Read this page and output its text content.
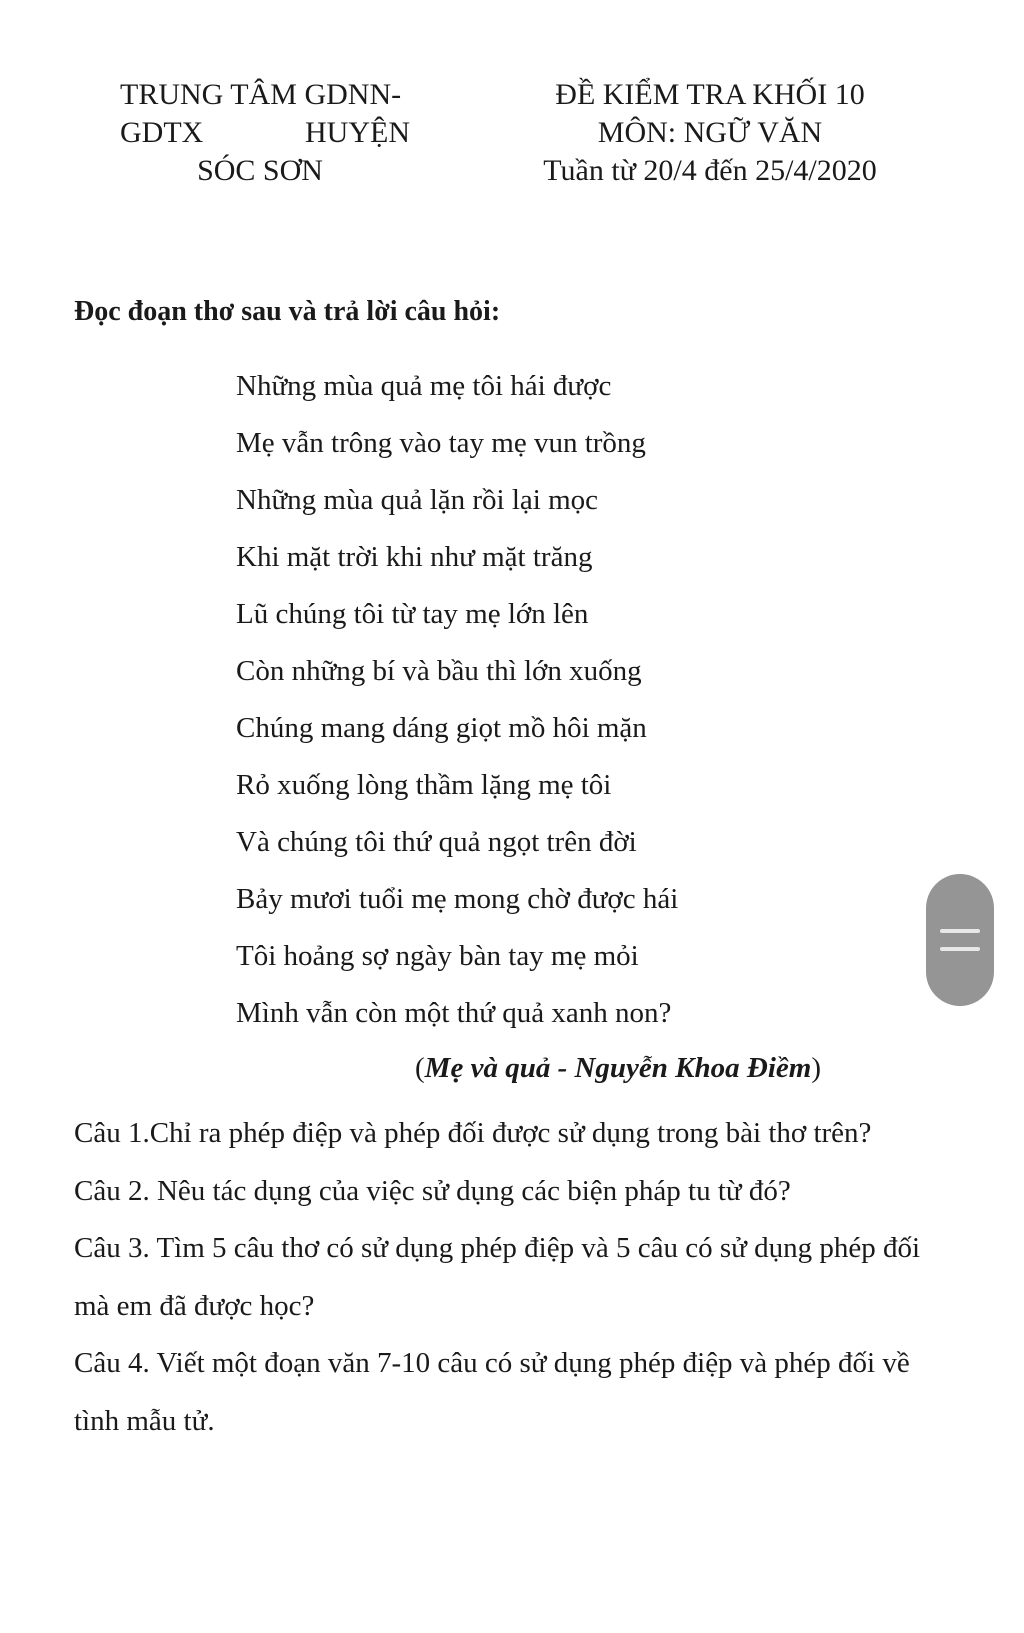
TRUNG TÂM GDNN-
GDTX	HUYỆN
SÓC SƠN
ĐỀ KIỂM TRA KHỐI 10
MÔN: NGỮ VĂN
Tuần từ 20/4 đến 25/4/2020
Đọc đoạn thơ sau và trả lời câu hỏi:
Những mùa quả mẹ tôi hái được
Mẹ vẫn trông vào tay mẹ vun trồng
Những mùa quả lặn rồi lại mọc
Khi mặt trời khi như mặt trăng
Lũ chúng tôi từ tay mẹ lớn lên
Còn những bí và bầu thì lớn xuống
Chúng mang dáng giọt mồ hôi mặn
Rỏ xuống lòng thầm lặng mẹ tôi
Và chúng tôi thứ quả ngọt trên đời
Bảy mươi tuổi mẹ mong chờ được hái
Tôi hoảng sợ ngày bàn tay mẹ mỏi
Mình vẫn còn một thứ quả xanh non?
(Mẹ và quả - Nguyễn Khoa Điềm)

Câu 1.Chỉ ra phép điệp và phép đối được sử dụng trong bài thơ trên?

Câu 2. Nêu tác dụng của việc sử dụng các biện pháp tu từ đó?

Câu 3. Tìm 5 câu thơ có sử dụng phép điệp và 5 câu có sử dụng phép đối mà em đã được học?

Câu 4. Viết một đoạn văn 7-10 câu có sử dụng phép điệp và phép đối về tình mẫu tử.
